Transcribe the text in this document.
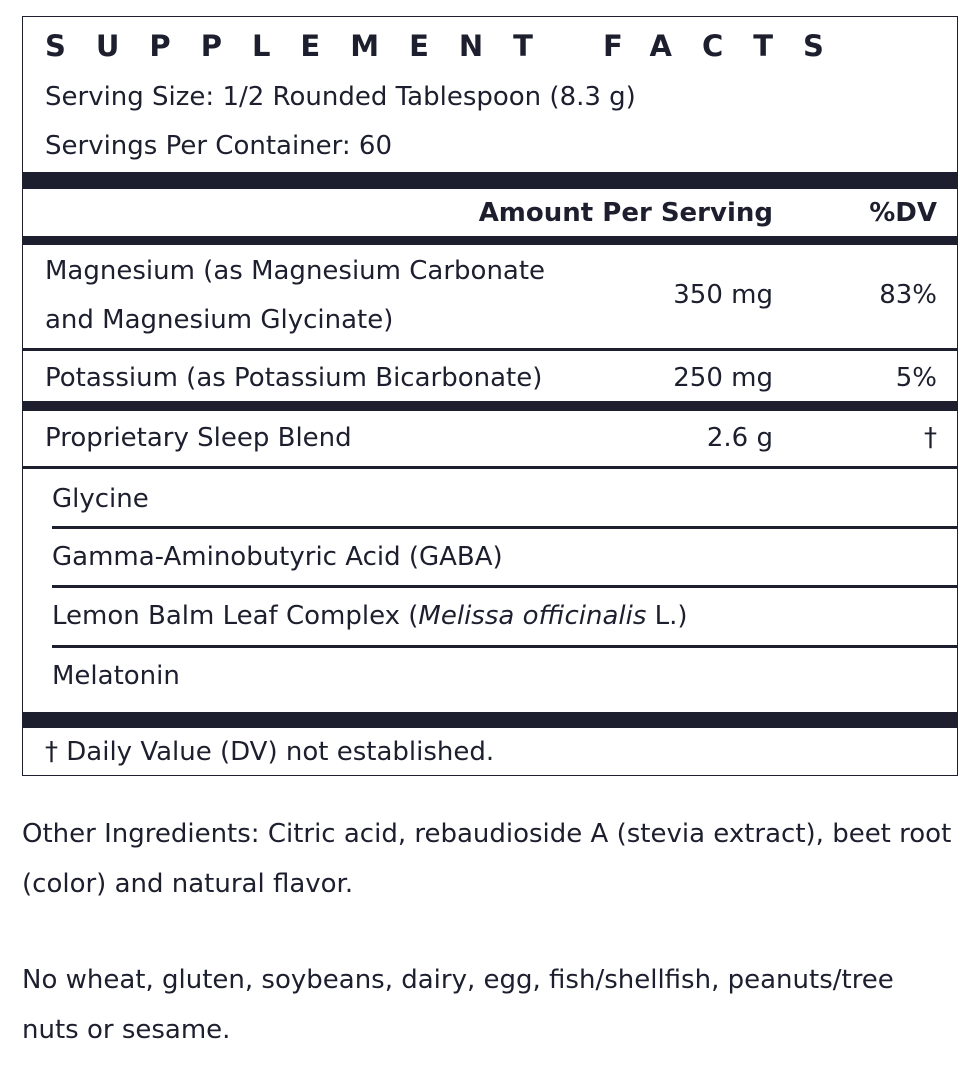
SUPPLEMENT FACTS
Serving Size: 1/2 Rounded Tablespoon (8.3 g)
Servings Per Container: 60
Amount Per Serving	%DV
Magnesium (as Magnesium Carbonate
and Magnesium Glycinate)
350 mg	83%
Potassium (as Potassium Bicarbonate)	250 mg	5%
Proprietary Sleep Blend	2.6 g	†
Glycine
Gamma-Aminobutyric Acid (GABA)
Lemon Balm Leaf Complex (Melissa officinalis L.)
Melatonin
† Daily Value (DV) not established.
Other Ingredients: Citric acid, rebaudioside A (stevia extract), beet root (color) and natural flavor.
No wheat, gluten, soybeans, dairy, egg, fish/shellfish, peanuts/tree nuts or sesame.
